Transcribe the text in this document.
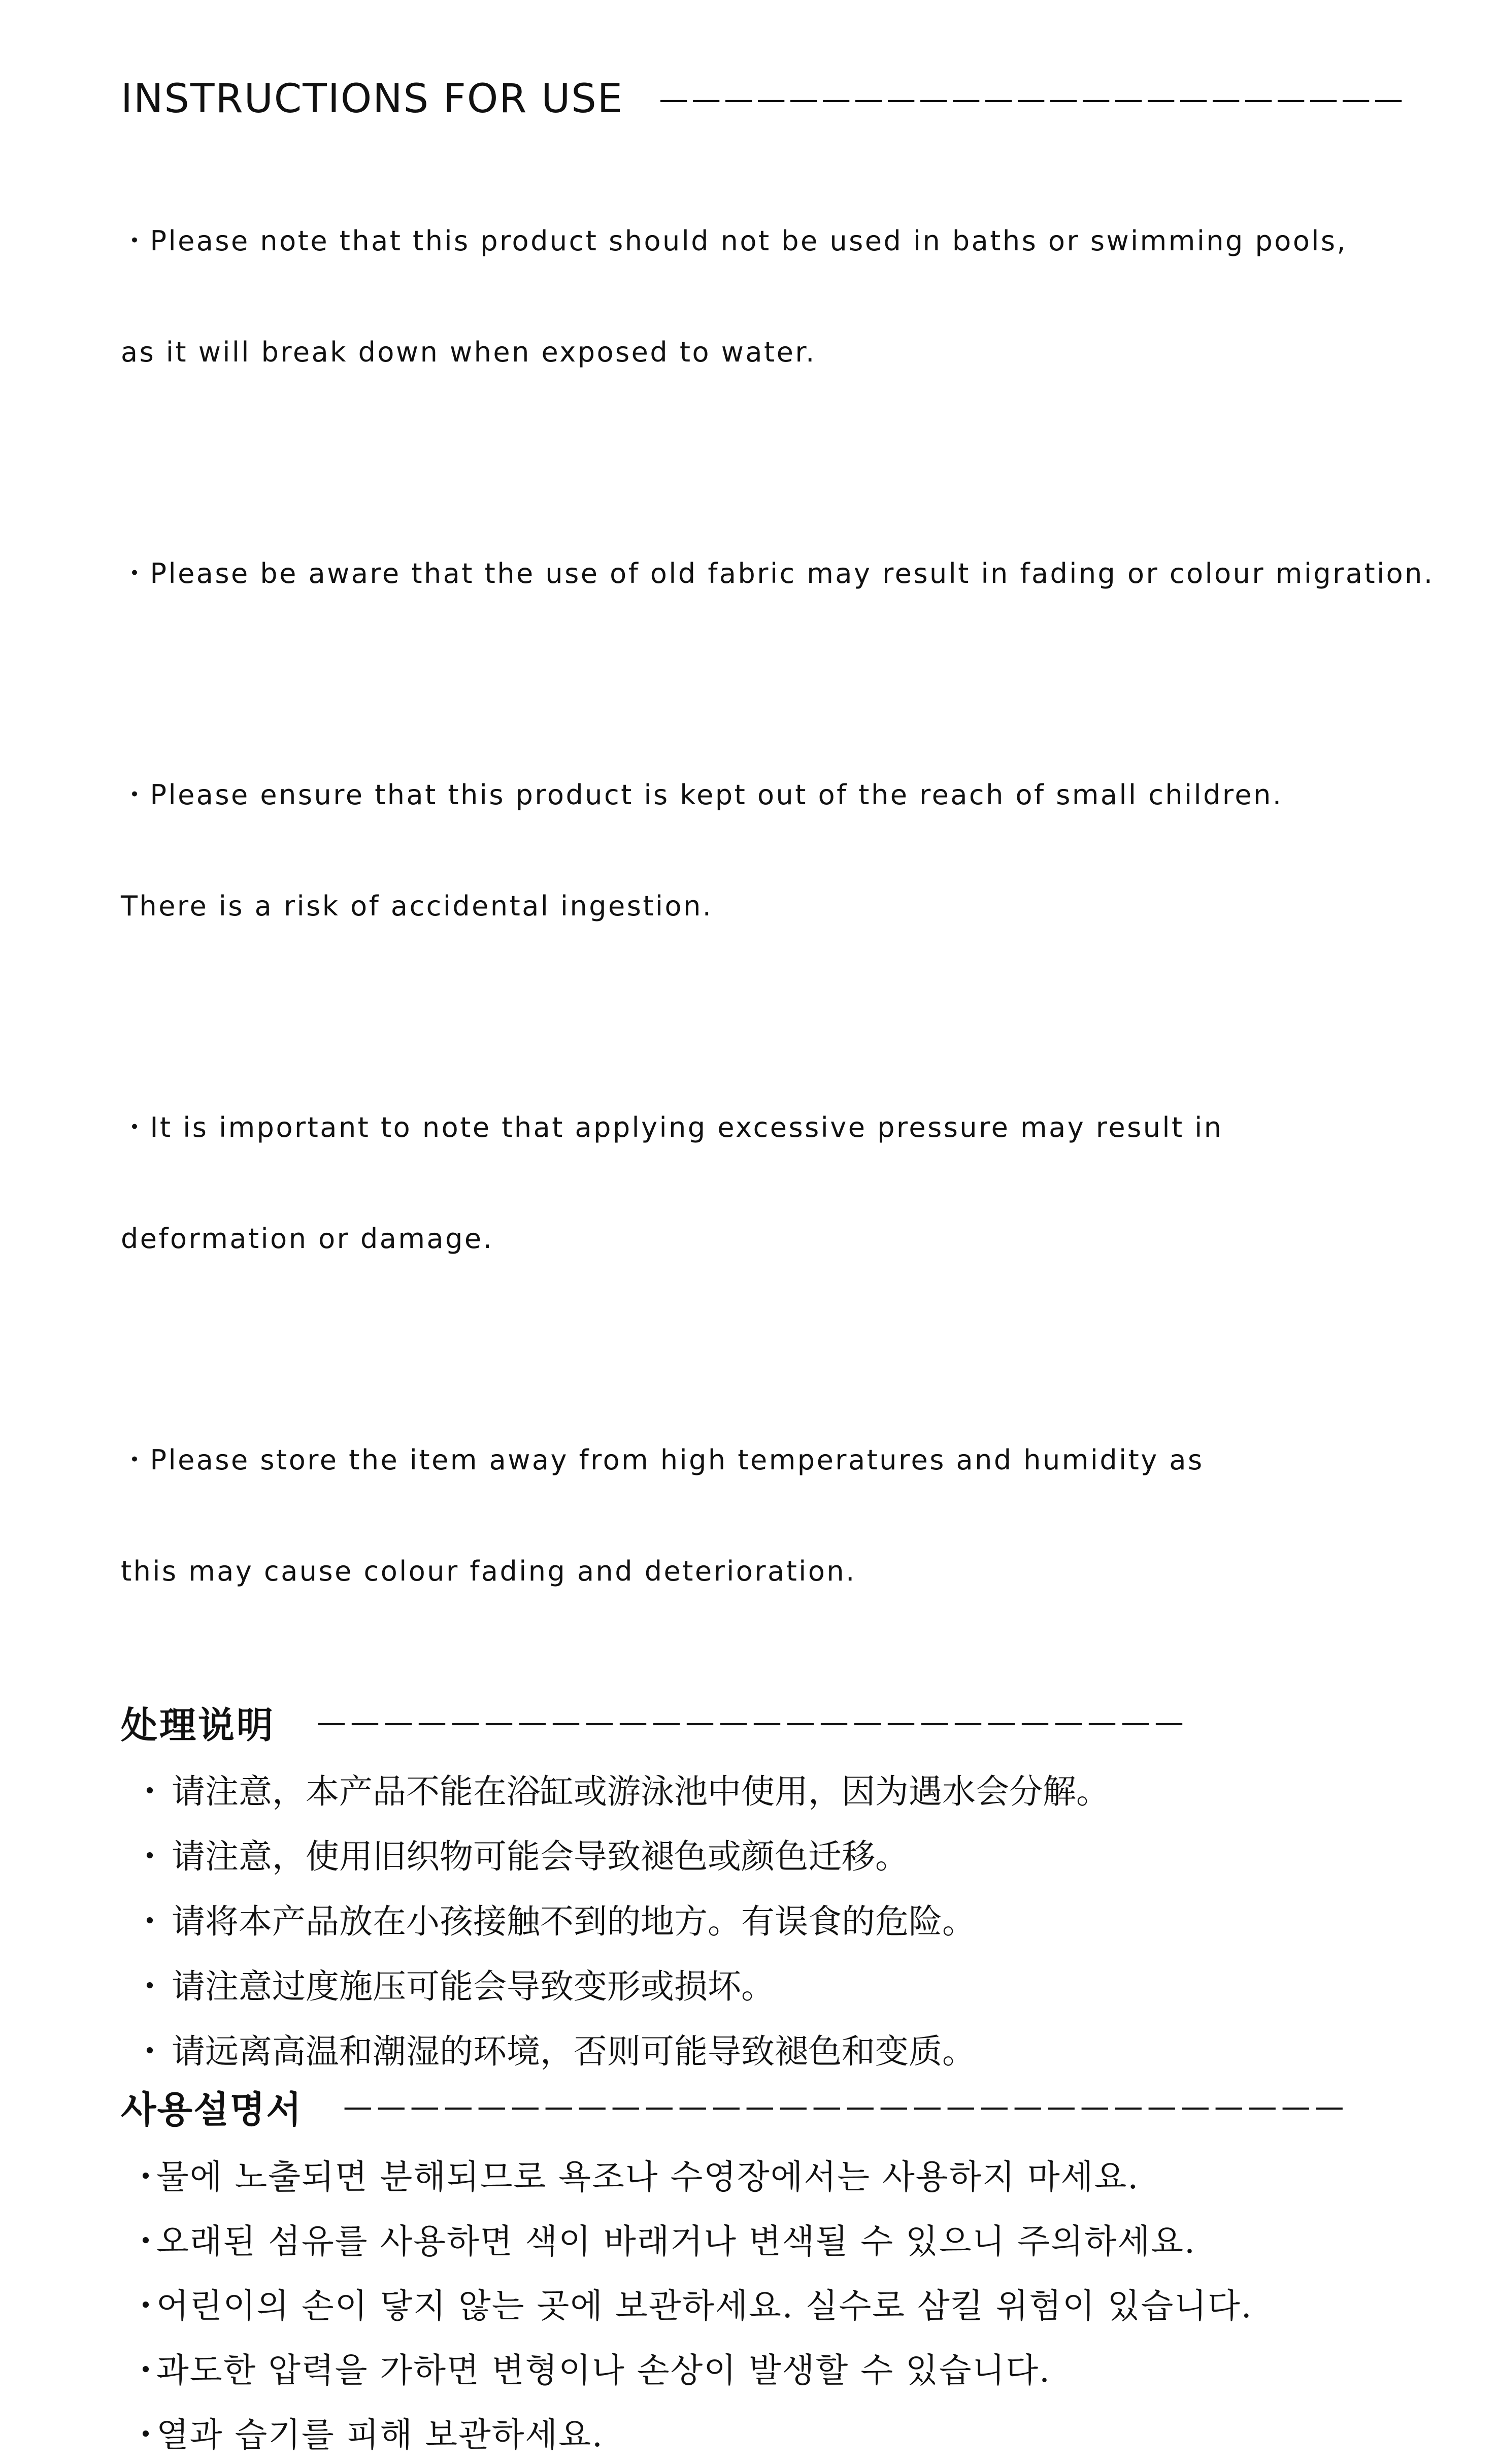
INSTRUCTIONS FOR USE ———————————————————————

・Please note that this product should not be used in baths or swimming pools,

as it will break down when exposed to water.

・Please be aware that the use of old fabric may result in fading or colour migration.

・Please ensure that this product is kept out of the reach of small children.

There is a risk of accidental ingestion.

・It is important to note that applying excessive pressure may result in

deformation or damage.

・Please store the item away from high temperatures and humidity as

this may cause colour fading and deterioration.

处理说明 ——————————————————————————
・ 请注意，本产品不能在浴缸或游泳池中使用，因为遇水会分解。
・ 请注意，使用旧织物可能会导致褪色或颜色迁移。
・ 请将本产品放在小孩接触不到的地方。有误食的危险。
・ 请注意过度施压可能会导致变形或损坏。
・ 请远离高温和潮湿的环境，否则可能导致褪色和变质。
사용설명서 ——————————————————————————————
・
물에 노출되면 분해되므로 욕조나 수영장에서는 사용하지 마세요.
・
오래된 섬유를 사용하면 색이 바래거나 변색될 수 있으니 주의하세요.
・
어린이의 손이 닿지 않는 곳에 보관하세요. 실수로 삼킬 위험이 있습니다.
・
과도한 압력을 가하면 변형이나 손상이 발생할 수 있습니다.
・
열과 습기를 피해 보관하세요.
